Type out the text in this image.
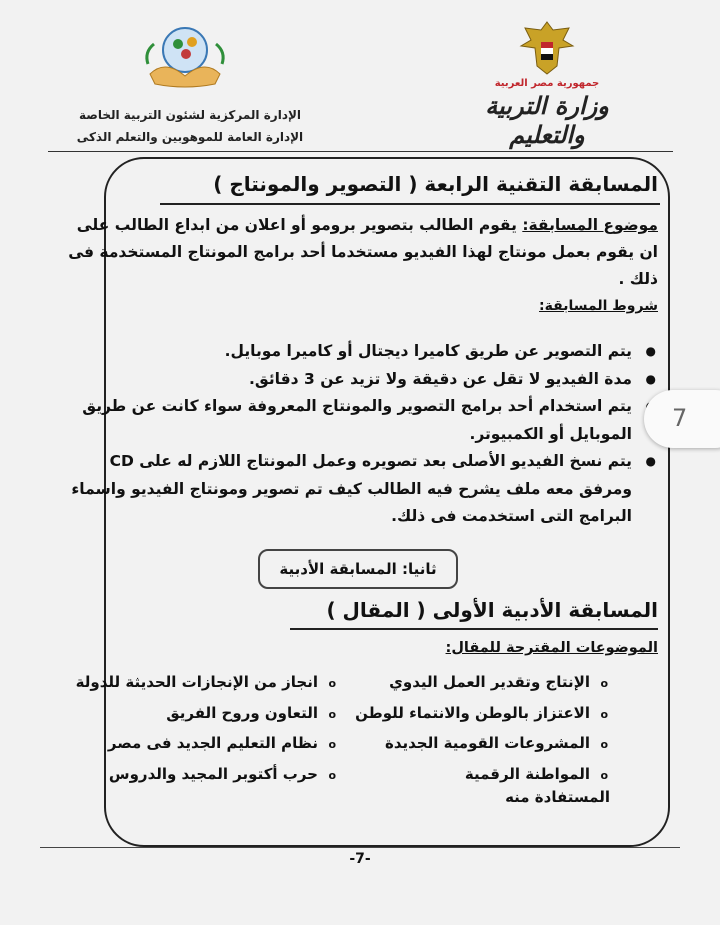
جمهورية مصر العربية
وزارة التربية والتعليم
الإدارة المركزية لشئون التربية الخاصة
الإدارة العامة للموهوبين والتعلم الذكى
المسابقة التقنية الرابعة ( التصوير والمونتاج )
موضوع المسابقة: يقوم الطالب بتصوير برومو أو اعلان من ابداع الطالب على ان يقوم بعمل مونتاج لهذا الفيديو مستخدما أحد برامج المونتاج المستخدمة فى ذلك .
شروط المسابقة:
● يتم التصوير عن طريق كاميرا ديجتال أو كاميرا موبايل.
● مدة الفيديو لا تقل عن دقيقة ولا تزيد عن 3 دقائق.
● يتم استخدام أحد برامج التصوير والمونتاج المعروفة سواء كانت عن طريق الموبايل أو الكمبيوتر.
● يتم نسخ الفيديو الأصلى بعد تصويره وعمل المونتاج اللازم له على CD ومرفق معه ملف يشرح فيه الطالب كيف تم تصوير ومونتاج الفيديو واسماء البرامج التى استخدمت فى ذلك.
ثانيا: المسابقة الأدبية
المسابقة الأدبية الأولى ( المقال )
الموضوعات المقترحة للمقال:
o الإنتاج وتقدير العمل اليدوي
o الاعتزاز بالوطن والانتماء للوطن
o المشروعات القومية الجديدة
o المواطنة الرقمية
o انجاز من الإنجازات الحديثة للدولة
o التعاون وروح الفريق
o نظام التعليم الجديد فى مصر
o حرب أكتوبر المجيد والدروس
المستفادة منه
-7-
7
